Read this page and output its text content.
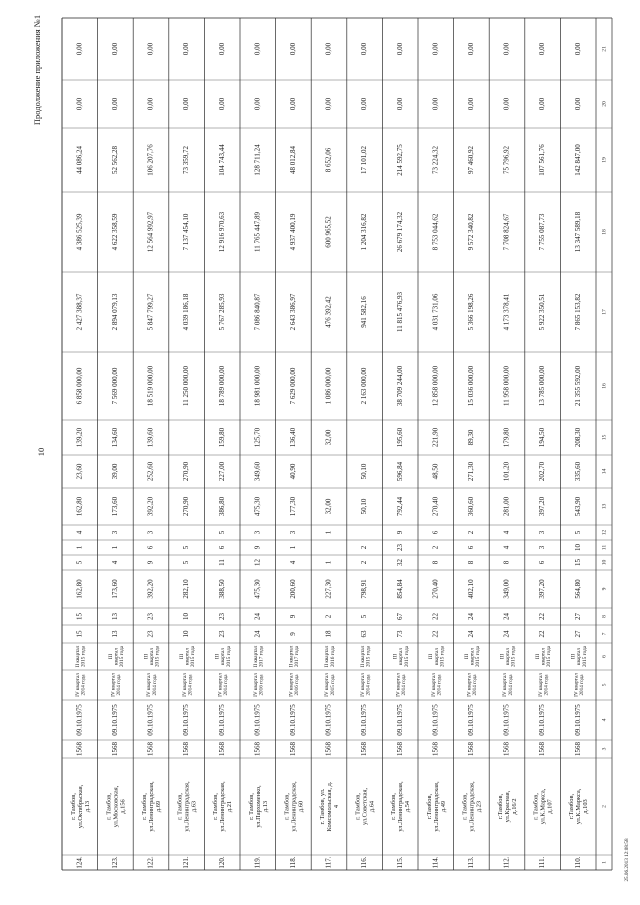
10
Продолжение приложения №1
25.06.2013 12:08:58
1
2
3
4
5
6
7
8
9
10
11
12
13
14
15
16
17
18
19
20
21
110.
г.Тамбов,ул.К.Маркса,д.103
1568
09.10.1975
IV квартал2014 года
IIIквартал2015 года
27
27
564,80
15
10
5
543,90
335,60
208,30
21 355 592,00
7 865 153,82
13 347 589,18
142 847,00
0,00
0,00
111.
г. Тамбов,ул.К.Маркса,д.107
1568
09.10.1975
IV квартал2014 года
IIIквартал2015 года
22
22
397,20
6
3
3
397,20
202,70
194,50
13 785 000,00
5 922 350,51
7 755 087,73
107 561,76
0,00
0,00
112.
г.Тамбов,ул.Красная,д.16/2
1568
09.10.1975
IV квартал2014 года
IIIквартал2015 года
24
24
349,00
8
4
4
281,00
101,20
179,80
11 958 000,00
4 173 378,41
7 708 824,67
75 796,92
0,00
0,00
113.
г. Тамбов,ул.Ленинградская,д.23
1568
09.10.1975
IV квартал2014 года
IIIквартал2015 года
24
24
402,10
8
6
2
360,60
271,30
89,30
15 036 000,00
5 366 198,26
9 572 340,82
97 460,92
0,00
0,00
114.
г.Тамбов,ул.Ленинградская,д.49
1568
09.10.1975
IV квартал2014 года
IIIквартал2015 года
22
22
270,40
8
2
6
270,40
48,50
221,90
12 858 000,00
4 031 731,06
8 753 044,62
73 224,32
0,00
0,00
115.
г. Тамбов,ул.Ленинградская,д.54
1568
09.10.1975
IV квартал2014 года
IIIквартал2015 года
73
67
854,84
32
23
9
792,44
596,84
195,60
38 709 244,00
11 815 476,93
26 679 174,32
214 592,75
0,00
0,00
116.
г. Тамбов,ул.Советская,д.64
1568
09.10.1975
IV квартал2014 года
II квартал2015 года
63
5
798,91
2
2
50,10
50,10
2 163 000,00
941 582,16
1 204 316,82
17 101,02
0,00
0,00
117.
г. Тамбов, ул.Комсомольская, д.4
1568
09.10.1975
IV квартал2015 года
II квартал2016 года
18
2
227,30
1
1
32,00
32,00
1 086 000,00
476 392,42
600 965,52
8 652,06
0,00
0,00
118.
г. Тамбов,ул.Ленинградская,д.60
1568
09.10.1975
IV квартал2016 года
II квартал2017 года
9
9
200,60
4
1
3
177,30
40,90
136,40
7 629 000,00
2 643 386,97
4 937 400,19
48 012,84
0,00
0,00
119.
г. Тамбов,ул.Пархоменко,д.13
1568
09.10.1975
IV квартал2016 года
II квартал2017 года
24
24
475,30
12
9
3
475,30
349,60
125,70
18 981 000,00
7 086 840,87
11 765 447,89
128 711,24
0,00
0,00
120.
г. Тамбов,ул.Ленинградская,д.21
1568
09.10.1975
IV квартал2014 года
IIIквартал2015 года
23
23
388,50
11
6
5
386,80
227,00
159,80
18 789 000,00
5 767 285,93
12 916 970,63
104 743,44
0,00
0,00
121.
г. Тамбов,ул.Ленинградская,д.63
1568
09.10.1975
IV квартал2014 года
IIIквартал2015 года
10
10
282,10
5
5
270,90
270,90
11 250 000,00
4 039 186,18
7 137 454,10
73 359,72
0,00
0,00
122.
г. Тамбов,ул.Ленинградская,д.69
1568
09.10.1975
IV квартал2014 года
IIIквартал2015 года
23
23
392,20
9
6
3
392,20
252,60
139,60
18 519 000,00
5 847 799,27
12 564 992,97
106 207,76
0,00
0,00
123.
г. Тамбов,ул.Московская,д.156
1568
09.10.1975
IV квартал2014 года
IIIквартал2015 года
13
13
173,60
4
1
3
173,60
39,00
134,60
7 569 000,00
2 894 079,13
4 622 358,59
52 562,28
0,00
0,00
124.
г. Тамбов,ул.Октябрьская,д.13
1568
09.10.1975
IV квартал2014 года
II квартал2015 года
15
15
162,80
5
1
4
162,80
23,60
139,20
6 858 000,00
2 427 388,37
4 386 525,39
44 086,24
0,00
0,00
